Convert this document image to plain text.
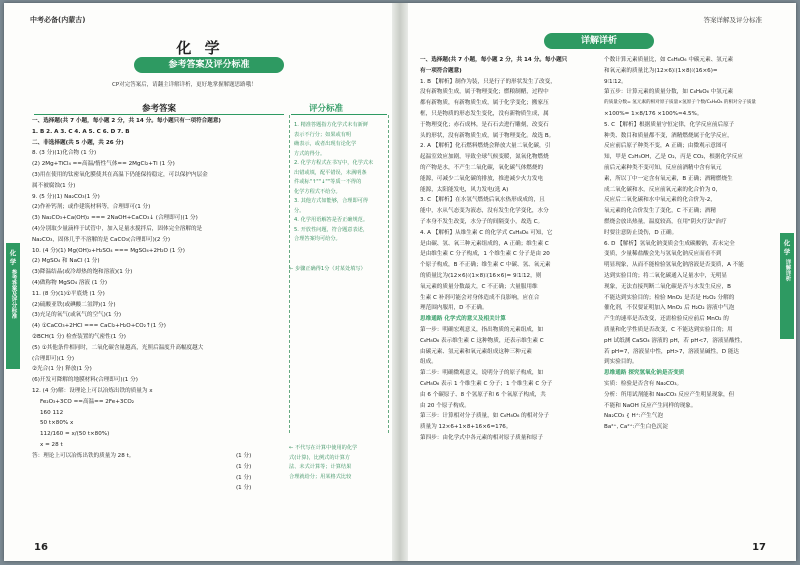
中考必备(内蒙古)
化 学
参考答案及评分标准
CP对完答案后，请翻主详解详析，更好地掌握解题思路哦！
参考答案	评分标准
化
学
参考答案及评分标准
一、选择题(共 7 小题，每小题 2 分，共 14 分。每小题只有一项符合题意)
1. B 2. A 3. C 4. A 5. C 6. D 7. B
二、非选择题(共 5 小题，共 26 分)
8. (3 分)(1)化合物 (1 分)
(2) 2Mg+TiCl₄ ==高温/惰性气体== 2MgCl₂+Ti (1 分)
(3)用在使用的钛密氧化膜使其在高温下仍能保持稳定，可以保护内层金
属不被腐蚀(1 分)
9. (5 分)(1) Na₂CO₃(1 分)
(2)作补钙剂；或作建筑材料等，合理即可(1 分)
(3) Na₂CO₃+Ca(OH)₂ === 2NaOH+CaCO₃↓ (合理即可)(1 分)
(4)分别取少量滴样于试管中，加入足量水搅拌后，固体完全溶解的是
Na₂CO₃，固体几乎不溶解的是 CaCO₃(合理即可)(2 分)
10. (4 分)(1) Mg(OH)₂+H₂SO₄ === MgSO₄+2H₂O (1 分)
(2) MgSO₄ 和 NaCl (1 分)
(3)降温结晶(或冷却热的饱和溶液)(1 分)
(4)做称物 MgSO₄ 溶液 (1 分)
11. (8 分)(1)①平底烧 (1 分)
(2)硫酸亚铁(或碘酸二氢钾)(1 分)
(3)充足的氧气(或氧气的空气)(1 分)
(4) ①CaCO₃+2HCl === CaCl₂+H₂O+CO₂↑(1 分)
②BCH(1 分) 检查装置的气密性(1 分)
(5) ①其他条件相同时，二氧化碳含量越高，光照后温度升高幅度越大
(合理即可)(1 分)
②光合(1 分) 释放(1 分)
(6)开发可降解的地膜材料(合理即可)(1 分)
12. (4 分)解：设理论上可以冶炼出铁的质量为 x
Fe₂O₃+3CO ==高温== 2Fe+3CO₂
160 112
50 t×80% x
112/160 = x/(50 t×80%)
x = 28 t
答：理论上可以冶炼出铁的质量为 28 t。	(1 分)
(1 分)
(1 分)
(1 分)
1. 精准答题指方化学式未有新鲜
表示不行分；如果或有明
确表示，或者出现有论化学
方式的得分。
2. 化学方程式在书写中，化学式未
出错或填，配平错误，未满明条
件或标"↑""↓""等质一不得的
化学方程式不给分。
3. 其他方式如能够，合理即可得
分。
4. 化学用语解答是否正确规范。
5. 开放性问题，符合题意表述，
合理答案均可给分。
← 步骤正确得1分（对某处填写）
← 不代写在计算中使用的化学
式(计算)，比例式的计算方
法、未式计算等；计算结果
合理就给分；用某格式比较
16
答案详解及评分标准
详解详析
化
学
详解详析
一、选择题(共 7 小题，每小题 2 分，共 14 分。每小题只
有一项符合题意)
1. B 【解析】制作为装，只是行子的形状发生了改变，
没有新物质生成，属于物理变化；燃粮制醋，过程中
都有新物质，有新物质生成，属于化学变化；搬家压
框，只是物质的形态发生变化，没有新物质生成，属
于物理变化；赤石成林，是石石去进行雕刻，改变石
头的形状，没有新物质生成，属于物理变化。故选 B。
2. A 【解析】化石燃料燃烧会释放大量二氧化碳，引
起温室效应加剧，导致全球气候变暖，氮氧化物燃烧
的产物是水，不产生二氧化碳，氧化碳气体燃烧的
能源，可减少二氧化碳的排放，推进减少火力发电
能源，太阳能发电，风力发电(选 A)
3. C 【解析】在水氢气燃烧后氧水热形成成的，且
能中，水从气态变为液态，没有发生化学变化，水分
子本身不发生改变，水分子的间隔变小，故选 C。
4. A 【解析】从维生素 C 的化学式 C₆H₈O₆ 可知，它
是由碳、氢、氧三种元素组成的，A 正确；维生素 C
是由维生素 C 分子构成，1 个维生素 C 分子是由 20
个原子构成，B 不正确；维生素 C 中碳、氢、氧元素
的质量比为(12×6)∶(1×8)∶(16×6)= 9∶1∶12，则
氧元素的质量分数最大，C 不正确；大量服用维
生素 C 补剂可能会对身体造成不良影响，应在合
理范围内服用，D 不正确。
思维通路 化学式的意义及相关计算
第一步：明确宏观意义，指出物质的元素组成，如
C₆H₈O₆ 表示维生素 C 这种物质，还表示维生素 C
由碳元素、氢元素和氧元素组成这种三种元素
组成。
第二步：明确微观意义，说明分子的原子构成，如
C₆H₈O₆ 表示 1 个维生素 C 分子；1 个维生素 C 分子
由 6 个碳原子、8 个氢原子和 6 个氧原子构成，共
由 20 个原子构成。
第三步：计算相对分子质量，如 C₆H₈O₆ 的相对分子
质量为 12×6+1×8+16×6=176。
第四步：由化学式中各元素的相对原子质量和原子
个数计算元素质量比，如 C₆H₈O₆ 中碳元素、氢元素
和氧元素的质量比为(12×6)∶(1×8)∶(16×6)=
9∶1∶12。
第五步：计算元素的质量分数，如 C₆H₈O₆ 中氢元素
的质量分数= 氢元素的相对原子质量×氢原子个数/C₆H₈O₆ 的相对分子质量
×100%= 1×8/176 ×100%≈4.5%。
5. C 【解析】根据质量守恒定律，化学反应前后原子
种类、数目和质量都不变，酒精燃烧属于化学反应，
反应前后原子种类不变，A 正确；由微观示意图可
知，甲是 C₂H₅OH，乙是 O₂，丙是 CO₂，根据化学反应
前后元素种类不变可知，反应前酒精中含有氧元
素，所以丁中一定含有氧元素，B 正确；酒精燃烧生
成二氧化碳和水，反应前氧元素的化合价为 0，
反应后二氧化碳和水中氧元素的化合价为-2，
氧元素的化合价发生了变化，C 不正确；酒精
燃烧会放出热量，温度较高，在用"阴火疗法"治疗
时要注意防止烫伤，D 正确。
6. D 【解析】氢氧化钠变质会生成碳酸钠，若未完全
变质，少量稀盐酸会先与氢氧化钠反应而看不到
明显现象，从而不能检验氢氧化钠溶液是否变质，A 不能
达到实验目的；将二氧化碳通入足量水中，无明显
现象，无法直接判断二氧化碳是否与水发生反应，B
不能达到实验目的；检验 MnO₂ 是否是 H₂O₂ 分解的
催化剂，不仅要证明加入 MnO₂ 后 H₂O₂ 溶液中气泡
产生的速率是否改变，还需检验反应前后 MnO₂ 的
质量和化学性质是否改变，C 不能达到实验目的；用
pH 试纸测 CaSO₄ 溶液的 pH，若 pH<7，溶液显酸性，
若 pH=7，溶液显中性，pH>7，溶液显碱性，D 能达
到实验目的。
思维通路 探究氢氧化钠是否变质
实质：检验是否含有 Na₂CO₃。
分析：所用试剂能和 Na₂CO₃ 反应产生明显现象，但
不能和 NaOH 反应产生同样的现象。
Na₂CO₃ { H⁺:产生气泡
Ba²⁺, Ca²⁺:产生白色沉淀
17
